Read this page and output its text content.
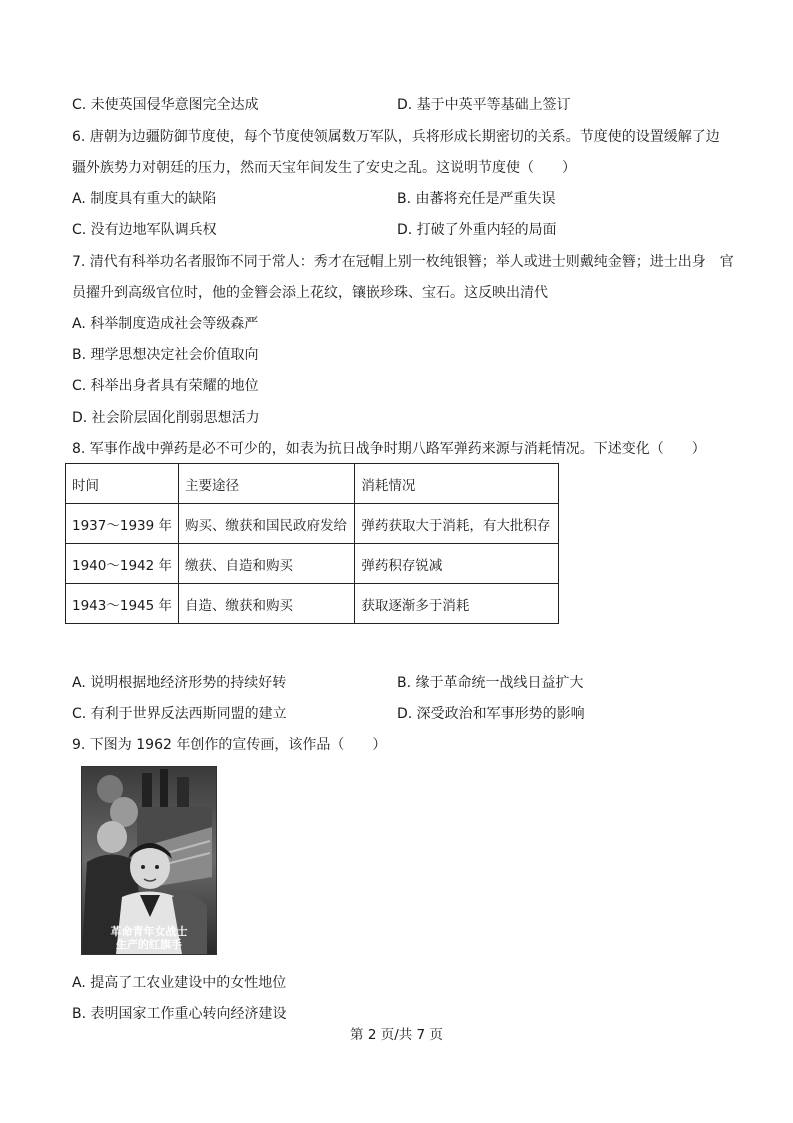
C. 未使英国侵华意图完全达成	D. 基于中英平等基础上签订
6. 唐朝为边疆防御节度使，每个节度使领属数万军队，兵将形成长期密切的关系。节度使的设置缓解了边
疆外族势力对朝廷的压力，然而天宝年间发生了安史之乱。这说明节度使（　　）
A. 制度具有重大的缺陷	B. 由蕃将充任是严重失误
C. 没有边地军队调兵权	D. 打破了外重内轻的局面
7. 清代有科举功名者服饰不同于常人：秀才在冠帽上别一枚纯银簪；举人或进士则戴纯金簪；进士出身　官
员擢升到高级官位时，他的金簪会添上花纹，镶嵌珍珠、宝石。这反映出清代
A. 科举制度造成社会等级森严
B. 理学思想决定社会价值取向
C. 科举出身者具有荣耀的地位
D. 社会阶层固化削弱思想活力
8. 军事作战中弹药是必不可少的，如表为抗日战争时期八路军弹药来源与消耗情况。下述变化（　　）
时间	主要途径	消耗情况
1937～1939 年	购买、缴获和国民政府发给	弹药获取大于消耗，有大批积存
1940～1942 年	缴获、自造和购买	弹药积存锐减
1943～1945 年	自造、缴获和购买	获取逐渐多于消耗
A. 说明根据地经济形势的持续好转	B. 缘于革命统一战线日益扩大
C. 有利于世界反法西斯同盟的建立	D. 深受政治和军事形势的影响
9. 下图为 1962 年创作的宣传画，该作品（　　）
革命青年女战士
生产的红旗手
A. 提高了工农业建设中的女性地位
B. 表明国家工作重心转向经济建设
第 2 页/共 7 页
